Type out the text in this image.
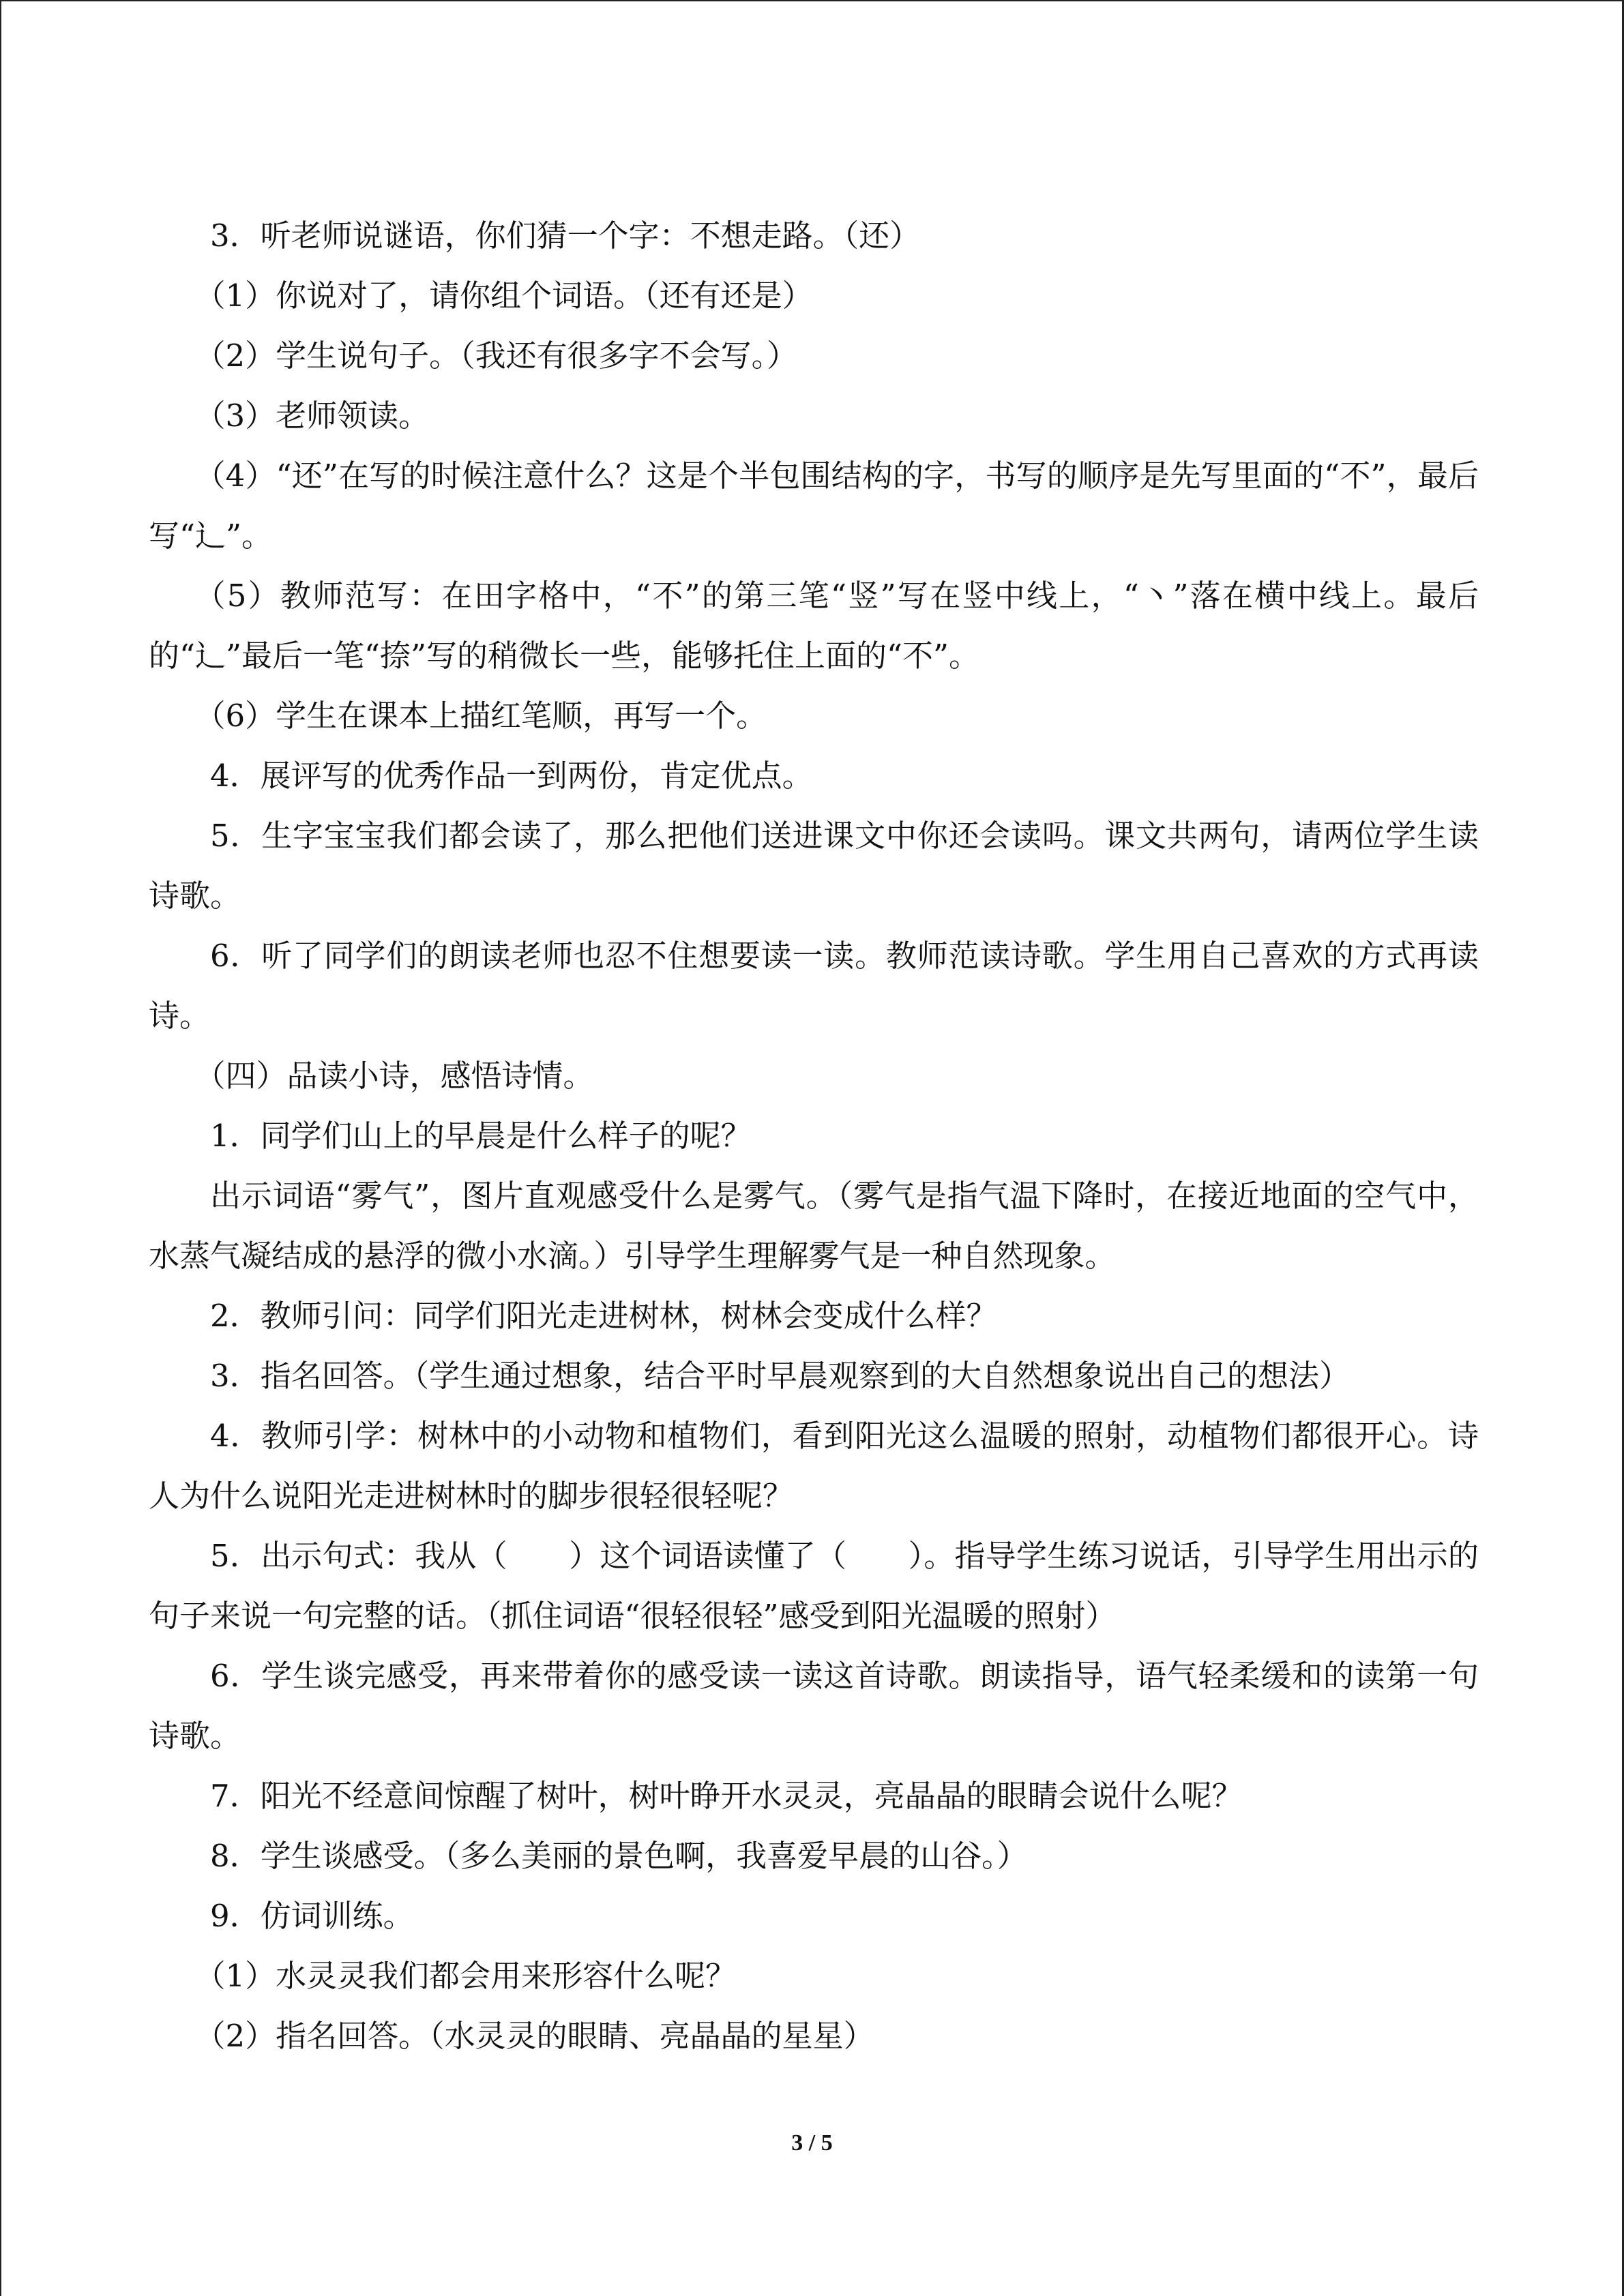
3．听老师说谜语，你们猜一个字：不想走路。（还）

（1）你说对了，请你组个词语。（还有还是）

（2）学生说句子。（我还有很多字不会写。）

（3）老师领读。

（4）“还”在写的时候注意什么？这是个半包围结构的字，书写的顺序是先写里面的“不”，最后写“辶”。

（5）教师范写：在田字格中，“不”的第三笔“竖”写在竖中线上，“丶”落在横中线上。最后的“辶”最后一笔“捺”写的稍微长一些，能够托住上面的“不”。

（6）学生在课本上描红笔顺，再写一个。

4．展评写的优秀作品一到两份，肯定优点。

5．生字宝宝我们都会读了，那么把他们送进课文中你还会读吗。课文共两句，请两位学生读诗歌。

6．听了同学们的朗读老师也忍不住想要读一读。教师范读诗歌。学生用自己喜欢的方式再读诗。

（四）品读小诗，感悟诗情。

1．同学们山上的早晨是什么样子的呢？

出示词语“雾气”，图片直观感受什么是雾气。（雾气是指气温下降时，在接近地面的空气中，水蒸气凝结成的悬浮的微小水滴。）引导学生理解雾气是一种自然现象。

2．教师引问：同学们阳光走进树林，树林会变成什么样？

3．指名回答。（学生通过想象，结合平时早晨观察到的大自然想象说出自己的想法）

4．教师引学：树林中的小动物和植物们，看到阳光这么温暖的照射，动植物们都很开心。诗人为什么说阳光走进树林时的脚步很轻很轻呢？

5．出示句式：我从（　　）这个词语读懂了（　　）。指导学生练习说话，引导学生用出示的句子来说一句完整的话。（抓住词语“很轻很轻”感受到阳光温暖的照射）

6．学生谈完感受，再来带着你的感受读一读这首诗歌。朗读指导，语气轻柔缓和的读第一句诗歌。

7．阳光不经意间惊醒了树叶，树叶睁开水灵灵，亮晶晶的眼睛会说什么呢？

8．学生谈感受。（多么美丽的景色啊，我喜爱早晨的山谷。）

9．仿词训练。

（1）水灵灵我们都会用来形容什么呢？

（2）指名回答。（水灵灵的眼睛、亮晶晶的星星）

3 / 5
